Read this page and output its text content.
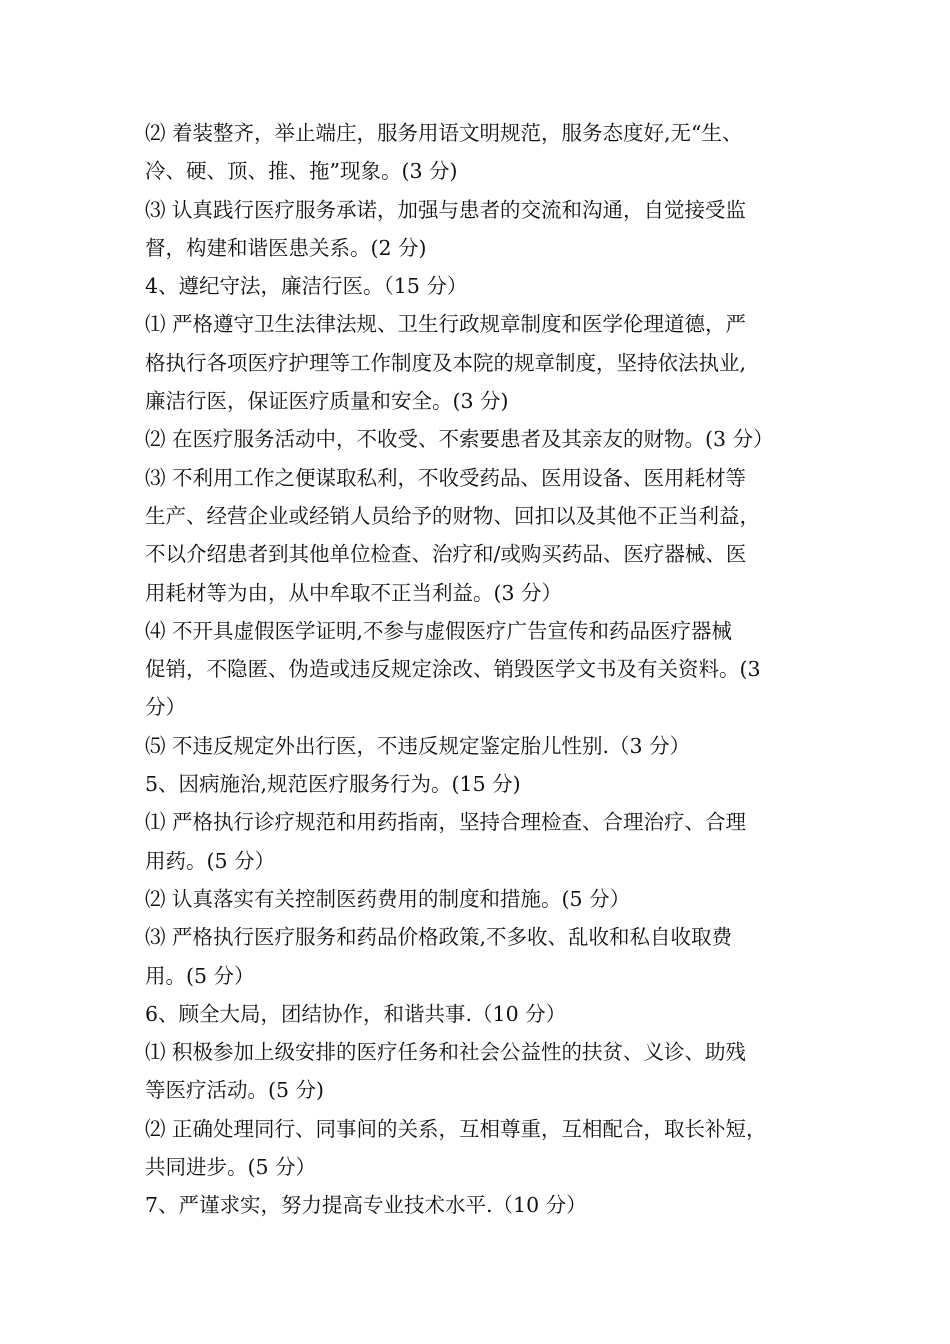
⑵ 着装整齐，举止端庄，服务用语文明规范，服务态度好,无“生、
冷、硬、顶、推、拖”现象。(3 分)
⑶ 认真践行医疗服务承诺，加强与患者的交流和沟通，自觉接受监
督，构建和谐医患关系。(2 分)
4、遵纪守法，廉洁行医。（15 分）
⑴ 严格遵守卫生法律法规、卫生行政规章制度和医学伦理道德，严
格执行各项医疗护理等工作制度及本院的规章制度，坚持依法执业,
廉洁行医，保证医疗质量和安全。(3 分)
⑵ 在医疗服务活动中，不收受、不索要患者及其亲友的财物。(3 分）
⑶ 不利用工作之便谋取私利，不收受药品、医用设备、医用耗材等
生产、经营企业或经销人员给予的财物、回扣以及其他不正当利益，
不以介绍患者到其他单位检查、治疗和/或购买药品、医疗器械、医
用耗材等为由，从中牟取不正当利益。(3 分）
⑷ 不开具虚假医学证明,不参与虚假医疗广告宣传和药品医疗器械
促销，不隐匿、伪造或违反规定涂改、销毁医学文书及有关资料。(3
分）
⑸ 不违反规定外出行医，不违反规定鉴定胎儿性别.（3 分）
5、因病施治,规范医疗服务行为。(15 分)
⑴ 严格执行诊疗规范和用药指南，坚持合理检查、合理治疗、合理
用药。(5 分）
⑵ 认真落实有关控制医药费用的制度和措施。(5 分）
⑶ 严格执行医疗服务和药品价格政策,不多收、乱收和私自收取费
用。(5 分）
6、顾全大局，团结协作，和谐共事.（10 分）
⑴ 积极参加上级安排的医疗任务和社会公益性的扶贫、义诊、助残
等医疗活动。(5 分)
⑵ 正确处理同行、同事间的关系，互相尊重，互相配合，取长补短，
共同进步。(5 分）
7、严谨求实，努力提高专业技术水平.（10 分）
